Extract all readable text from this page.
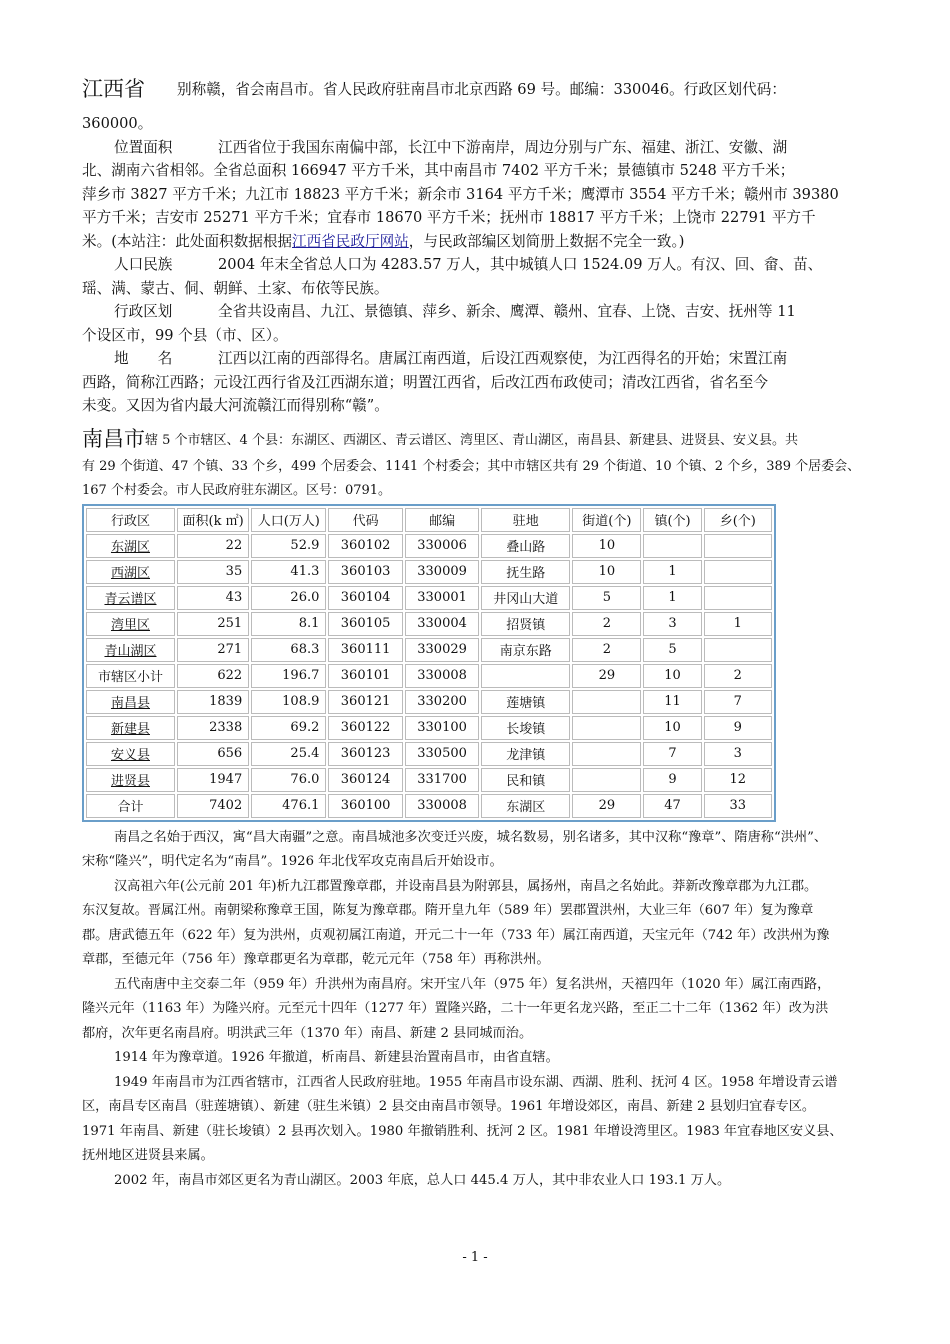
江西省 别称赣，省会南昌市。省人民政府驻南昌市北京西路 69 号。邮编：330046。行政区划代码：

360000。

位置面积	江西省位于我国东南偏中部，长江中下游南岸，周边分别与广东、福建、浙江、安徽、湖

北、湖南六省相邻。全省总面积 166947 平方千米，其中南昌市 7402 平方千米；景德镇市 5248 平方千米；

萍乡市 3827 平方千米；九江市 18823 平方千米；新余市 3164 平方千米；鹰潭市 3554 平方千米；赣州市 39380

平方千米；吉安市 25271 平方千米；宜春市 18670 平方千米；抚州市 18817 平方千米；上饶市 22791 平方千

米。(本站注：此处面积数据根据江西省民政厅网站，与民政部编区划简册上数据不完全一致。)

人口民族	2004 年末全省总人口为 4283.57 万人，其中城镇人口 1524.09 万人。有汉、回、畲、苗、

瑶、满、蒙古、侗、朝鲜、土家、布依等民族。

行政区划	全省共设南昌、九江、景德镇、萍乡、新余、鹰潭、赣州、宜春、上饶、吉安、抚州等 11

个设区市，99 个县（市、区）。

地　　名	江西以江南的西部得名。唐属江南西道，后设江西观察使，为江西得名的开始；宋置江南

西路，简称江西路；元设江西行省及江西湖东道；明置江西省，后改江西布政使司；清改江西省，省名至今

未变。又因为省内最大河流赣江而得别称“赣”。

南昌市 辖 5 个市辖区、4 个县：东湖区、西湖区、青云谱区、湾里区、青山湖区，南昌县、新建县、进贤县、安义县。共

有 29 个街道、47 个镇、33 个乡，499 个居委会、1141 个村委会；其中市辖区共有 29 个街道、10 个镇、2 个乡，389 个居委会、

167 个村委会。市人民政府驻东湖区。区号：0791。

行政区	面积(k ㎡)	人口(万人)	代码	邮编	驻地	街道(个)	镇(个)	乡(个)
东湖区	22	52.9	360102	330006	叠山路	10		
西湖区	35	41.3	360103	330009	抚生路	10	1	
青云谱区	43	26.0	360104	330001	井冈山大道	5	1	
湾里区	251	8.1	360105	330004	招贤镇	2	3	1
青山湖区	271	68.3	360111	330029	南京东路	2	5	
市辖区小计	622	196.7	360101	330008		29	10	2
南昌县	1839	108.9	360121	330200	莲塘镇		11	7
新建县	2338	69.2	360122	330100	长埈镇		10	9
安义县	656	25.4	360123	330500	龙津镇		7	3
进贤县	1947	76.0	360124	331700	民和镇		9	12
合计	7402	476.1	360100	330008	东湖区	29	47	33

南昌之名始于西汉，寓“昌大南疆”之意。南昌城池多次变迁兴废，城名数易，别名诸多，其中汉称“豫章”、隋唐称“洪州”、

宋称“隆兴”，明代定名为“南昌”。1926 年北伐军攻克南昌后开始设市。

汉高祖六年(公元前 201 年)析九江郡置豫章郡，并设南昌县为附郭县，属扬州，南昌之名始此。莽新改豫章郡为九江郡。

东汉复故。晋属江州。南朝梁称豫章王国，陈复为豫章郡。隋开皇九年（589 年）罢郡置洪州，大业三年（607 年）复为豫章

郡。唐武德五年（622 年）复为洪州，贞观初属江南道，开元二十一年（733 年）属江南西道，天宝元年（742 年）改洪州为豫

章郡，至德元年（756 年）豫章郡更名为章郡，乾元元年（758 年）再称洪州。

五代南唐中主交泰二年（959 年）升洪州为南昌府。宋开宝八年（975 年）复名洪州，天禧四年（1020 年）属江南西路，

隆兴元年（1163 年）为隆兴府。元至元十四年（1277 年）置隆兴路，二十一年更名龙兴路，至正二十二年（1362 年）改为洪

都府，次年更名南昌府。明洪武三年（1370 年）南昌、新建 2 县同城而治。

1914 年为豫章道。1926 年撤道，析南昌、新建县治置南昌市，由省直辖。

1949 年南昌市为江西省辖市，江西省人民政府驻地。1955 年南昌市设东湖、西湖、胜利、抚河 4 区。1958 年增设青云谱

区，南昌专区南昌（驻莲塘镇）、新建（驻生米镇）2 县交由南昌市领导。1961 年增设郊区，南昌、新建 2 县划归宜春专区。

1971 年南昌、新建（驻长埈镇）2 县再次划入。1980 年撤销胜利、抚河 2 区。1981 年增设湾里区。1983 年宜春地区安义县、

抚州地区进贤县来属。

2002 年，南昌市郊区更名为青山湖区。2003 年底，总人口 445.4 万人，其中非农业人口 193.1 万人。

- 1 -
